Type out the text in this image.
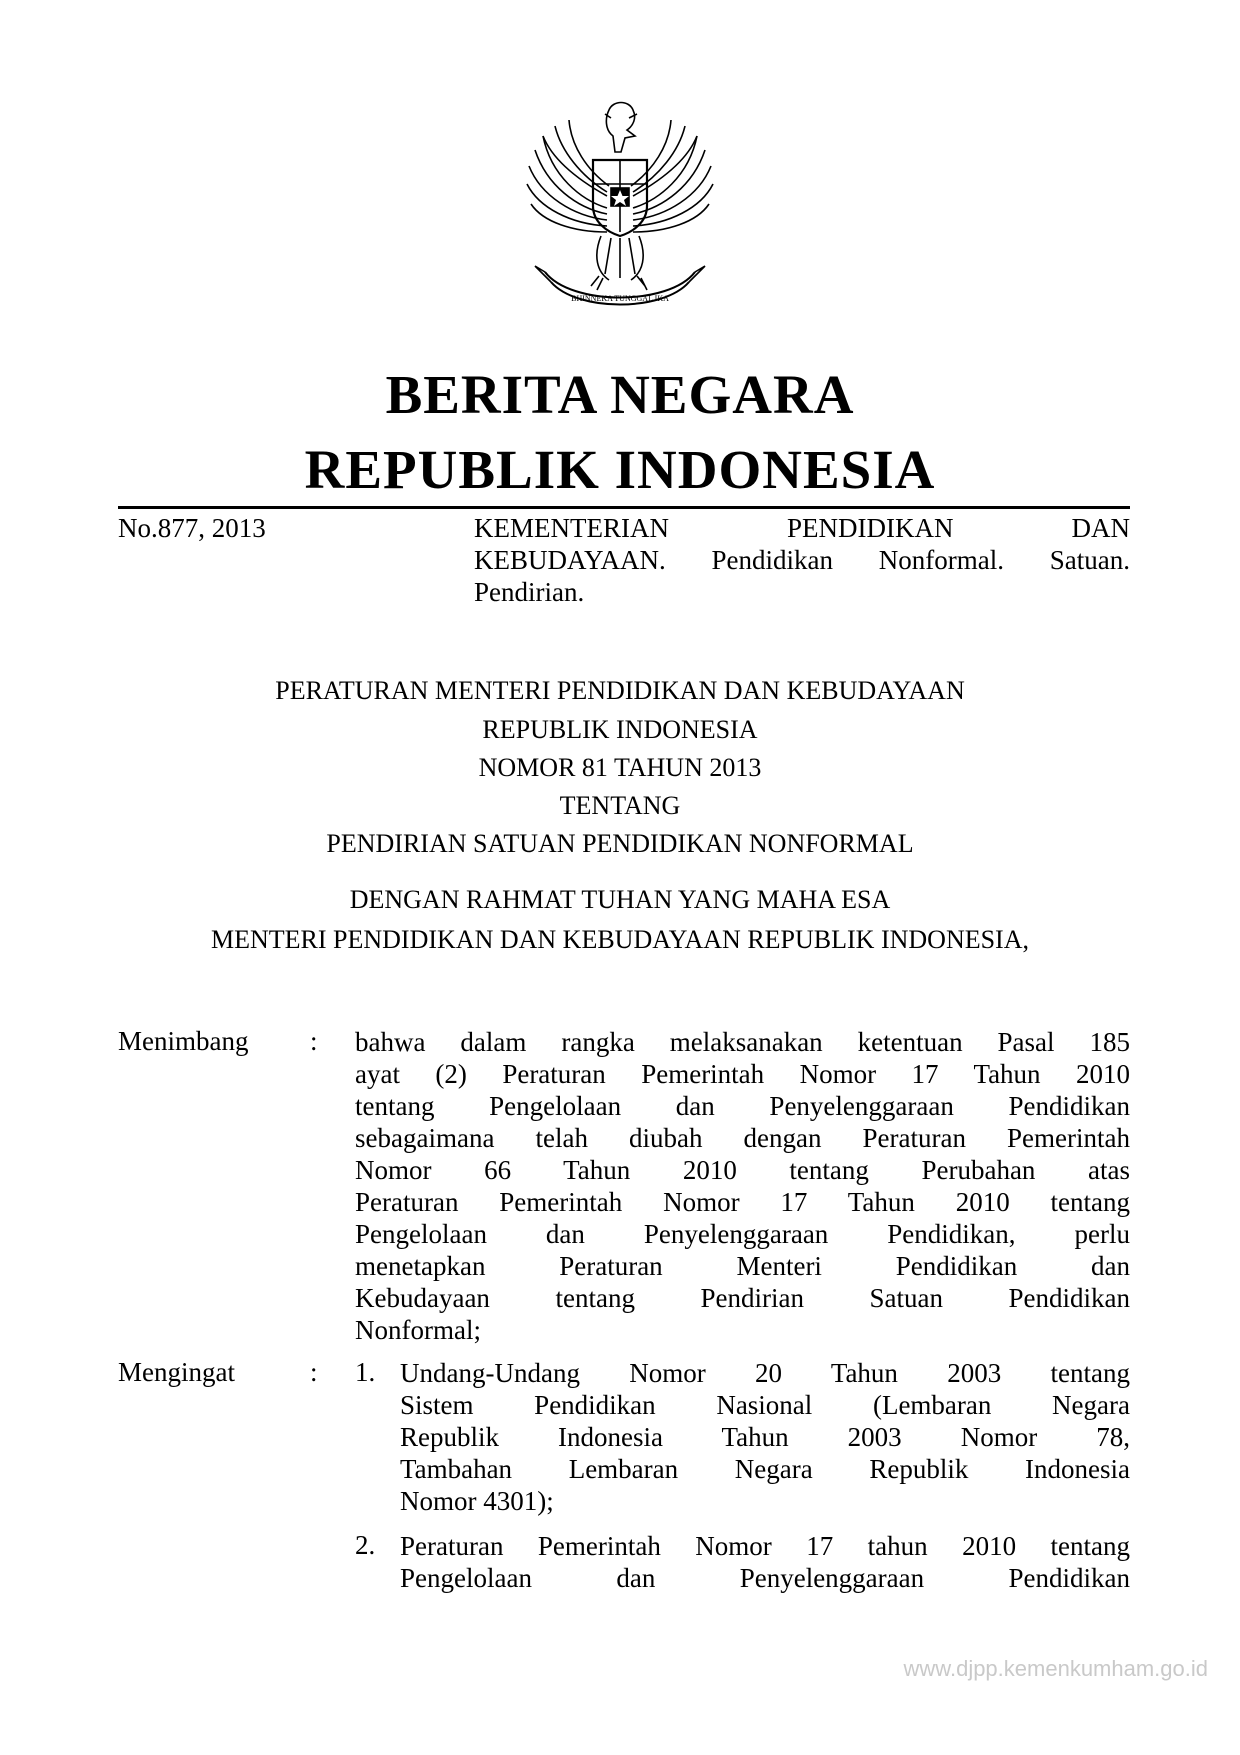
BHINNEKA TUNGGAL IKA
BERITA NEGARA
REPUBLIK INDONESIA
No.877, 2013	KEMENTERIAN	PENDIDIKAN	DAN
KEBUDAYAAN. Pendidikan Nonformal. Satuan.
Pendirian.
PERATURAN MENTERI PENDIDIKAN DAN KEBUDAYAAN
REPUBLIK INDONESIA
NOMOR 81 TAHUN 2013
TENTANG
PENDIRIAN SATUAN PENDIDIKAN NONFORMAL
DENGAN RAHMAT TUHAN YANG MAHA ESA
MENTERI PENDIDIKAN DAN KEBUDAYAAN REPUBLIK INDONESIA,
Menimbang : bahwa dalam rangka melaksanakan ketentuan Pasal 185
ayat (2) Peraturan Pemerintah Nomor 17 Tahun 2010
tentang Pengelolaan dan Penyelenggaraan Pendidikan
sebagaimana telah diubah dengan Peraturan Pemerintah
Nomor 66 Tahun 2010 tentang Perubahan atas
Peraturan Pemerintah Nomor 17 Tahun 2010 tentang
Pengelolaan dan Penyelenggaraan Pendidikan, perlu
menetapkan Peraturan Menteri Pendidikan dan
Kebudayaan tentang Pendirian Satuan Pendidikan
Nonformal;
Mengingat	: 1. Undang-Undang Nomor 20 Tahun 2003 tentang
Sistem Pendidikan Nasional (Lembaran Negara
Republik Indonesia Tahun 2003 Nomor 78,
Tambahan Lembaran Negara Republik Indonesia
Nomor 4301);
2. Peraturan Pemerintah Nomor 17 tahun 2010 tentang
Pengelolaan dan Penyelenggaraan Pendidikan
www.djpp.kemenkumham.go.id
